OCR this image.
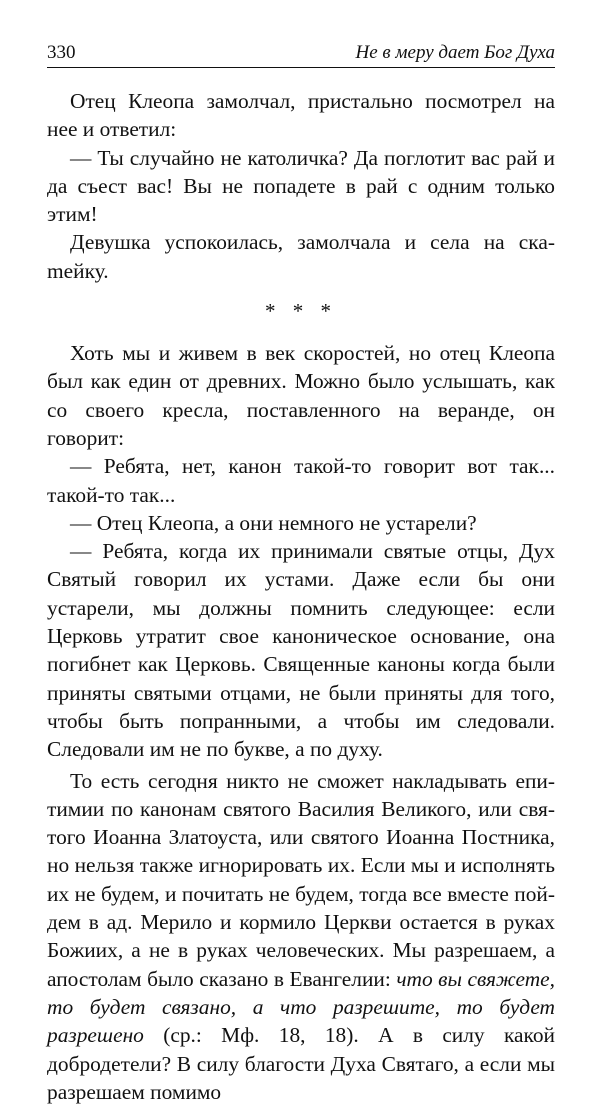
330	Не в меру дает Бог Духа

Отец Клеопа замолчал, пристально посмотрел на нее и ответил:

— Ты случайно не католичка? Да поглотит вас рай и да съест вас! Вы не попадете в рай с одним только этим!

Девушка успокоилась, замолчала и села на скаmейку.

* * *

Хоть мы и живем в век скоростей, но отец Клеопа был как един от древних. Можно было услышать, как со своего кресла, поставленного на веранде, он говорит:

— Ребята, нет, канон такой-то говорит вот так... такой-то так...

— Отец Клеопа, а они немного не устарели?

— Ребята, когда их принимали святые отцы, Дух Святый говорил их устами. Даже если бы они устарели, мы должны помнить следующее: если Церковь утратит свое каноническое основание, она погибнет как Церковь. Священные каноны когда были приняты святыми отцами, не были приняты для того, чтобы быть попранными, а чтобы им следовали. Следовали им не по букве, а по духу.

То есть сегодня никто не сможет накладывать епитимии по канонам святого Василия Великого, или святого Иоанна Златоуста, или святого Иоанна Постника, но нельзя также игнорировать их. Если мы и исполнять их не будем, и почитать не будем, тогда все вместе пойдем в ад. Мерило и кормило Церкви остается в руках Божиих, а не в руках человеческих. Мы разрешаем, а апостолам было сказано в Евангелии: что вы свяжете, то будет связано, а что разрешите, то будет разрешено (ср.: Мф. 18, 18). А в силу какой добродетели? В силу благости Духа Святаго, а если мы разрешаем помимо
